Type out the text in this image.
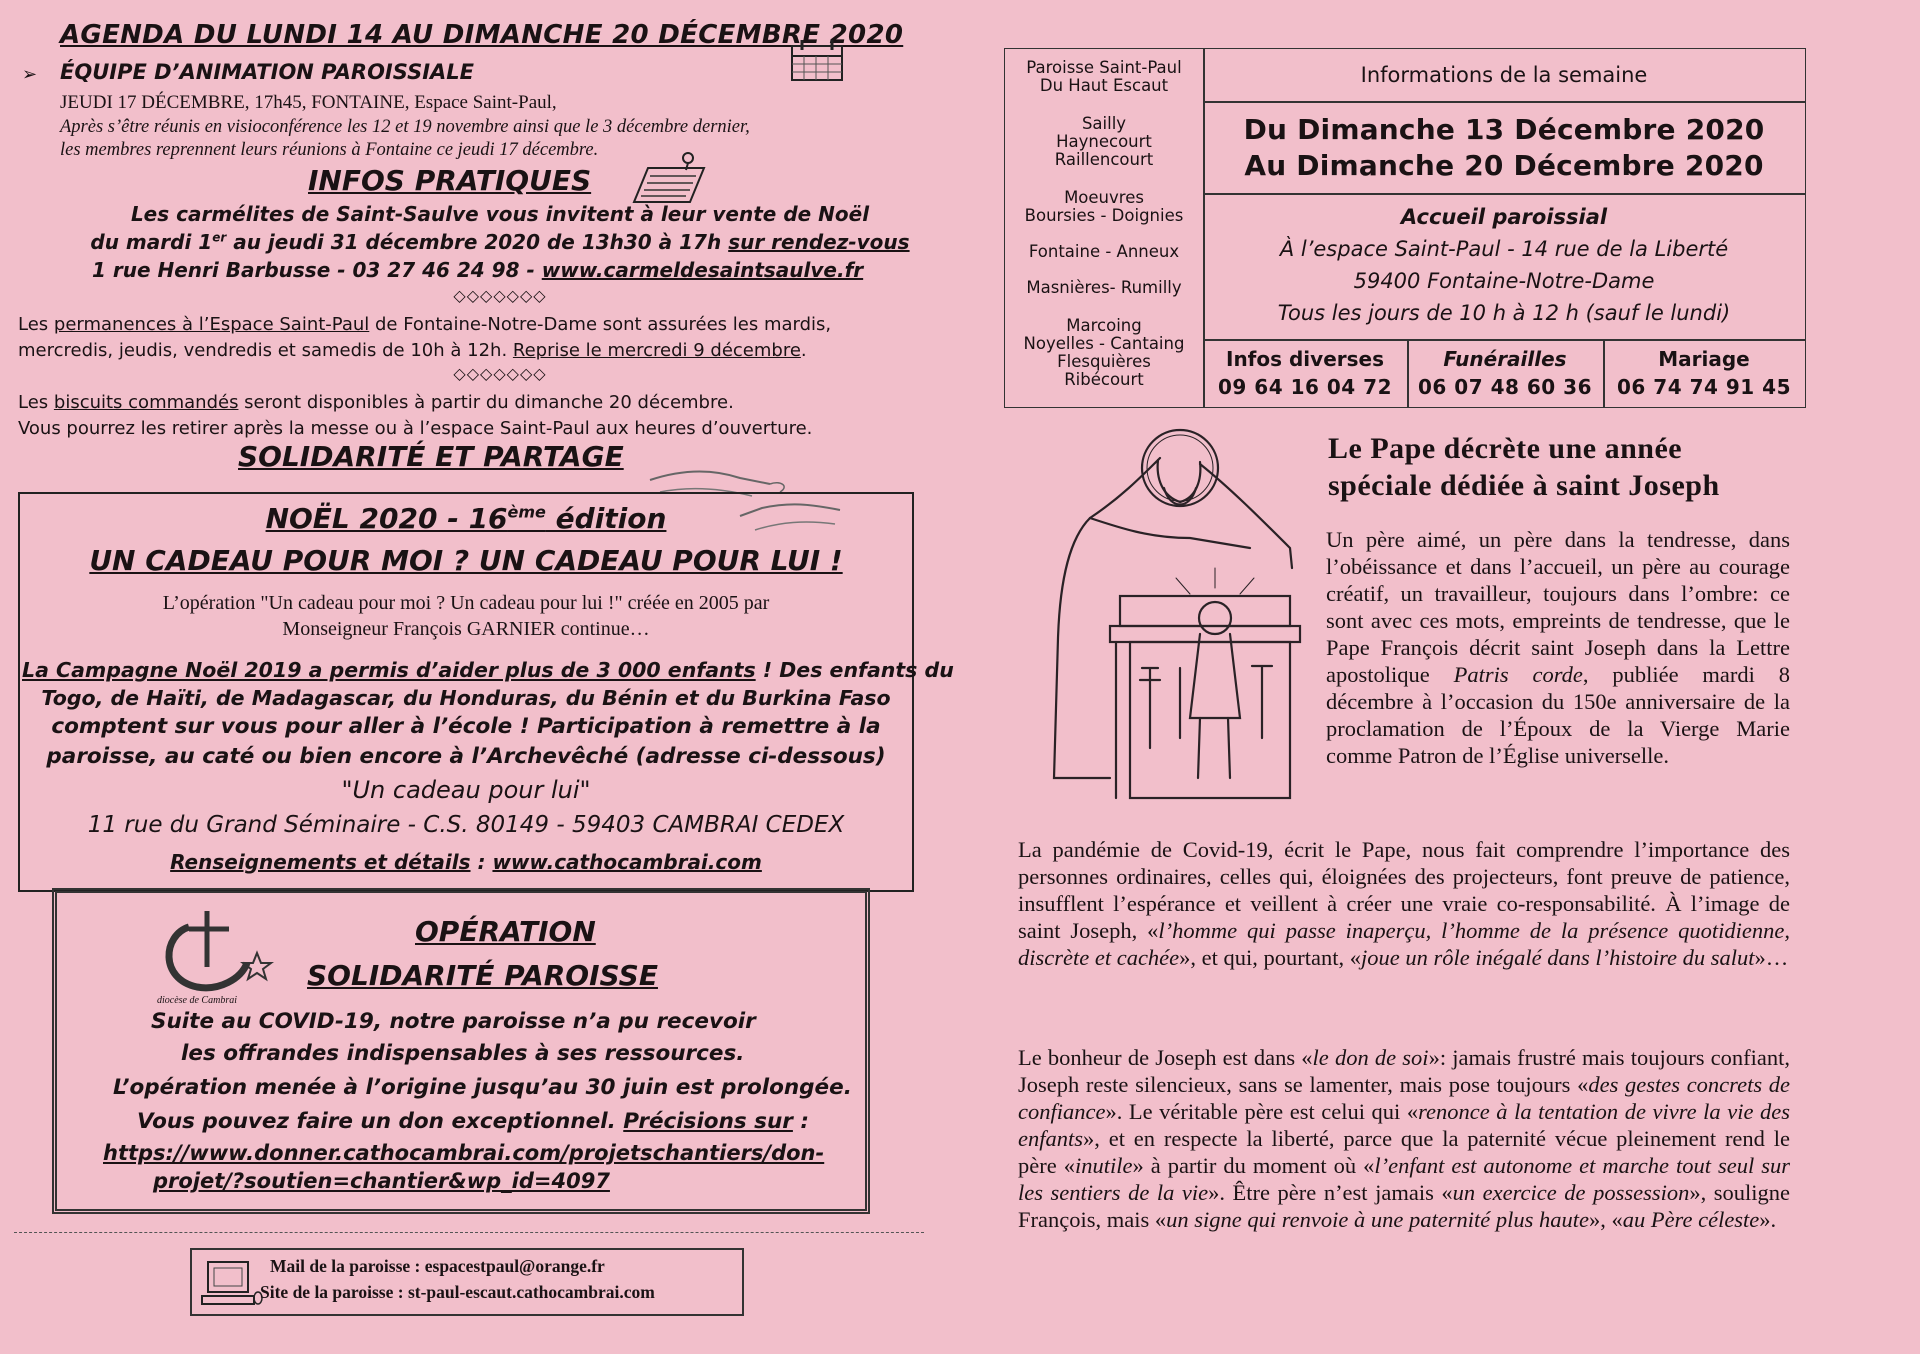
AGENDA DU LUNDI 14 AU DIMANCHE 20 DÉCEMBRE 2020
➢ ÉQUIPE D’ANIMATION PAROISSIALE
JEUDI 17 DÉCEMBRE, 17h45, FONTAINE, Espace Saint-Paul,
Après s’être réunis en visioconférence les 12 et 19 novembre ainsi que le 3 décembre dernier,
les membres reprennent leurs réunions à Fontaine ce jeudi 17 décembre.
INFOS PRATIQUES
Les carmélites de Saint-Saulve vous invitent à leur vente de Noël
du mardi 1er au jeudi 31 décembre 2020 de 13h30 à 17h sur rendez-vous
1 rue Henri Barbusse - 03 27 46 24 98 - www.carmeldesaintsaulve.fr
◇◇◇◇◇◇◇
Les permanences à l’Espace Saint-Paul de Fontaine-Notre-Dame sont assurées les mardis,
mercredis, jeudis, vendredis et samedis de 10h à 12h. Reprise le mercredi 9 décembre.
◇◇◇◇◇◇◇
Les biscuits commandés seront disponibles à partir du dimanche 20 décembre.
Vous pourrez les retirer après la messe ou à l’espace Saint-Paul aux heures d’ouverture.
SOLIDARITÉ ET PARTAGE
NOËL 2020 - 16ème édition
UN CADEAU POUR MOI ? UN CADEAU POUR LUI !
L’opération "Un cadeau pour moi ? Un cadeau pour lui !" créée en 2005 par
Monseigneur François GARNIER continue…
La Campagne Noël 2019 a permis d’aider plus de 3 000 enfants ! Des enfants du
Togo, de Haïti, de Madagascar, du Honduras, du Bénin et du Burkina Faso
comptent sur vous pour aller à l’école ! Participation à remettre à la
paroisse, au caté ou bien encore à l’Archevêché (adresse ci-dessous)
"Un cadeau pour lui"
11 rue du Grand Séminaire - C.S. 80149 - 59403 CAMBRAI CEDEX
Renseignements et détails : www.cathocambrai.com
diocèse de Cambrai
OPÉRATION
SOLIDARITÉ PAROISSE
Suite au COVID-19, notre paroisse n’a pu recevoir
les offrandes indispensables à ses ressources.
L’opération menée à l’origine jusqu’au 30 juin est prolongée.
Vous pouvez faire un don exceptionnel. Précisions sur :
https://www.donner.cathocambrai.com/projetschantiers/don-
projet/?soutien=chantier&wp_id=4097
Mail de la paroisse : espacestpaul@orange.fr
Site de la paroisse : st-paul-escaut.cathocambrai.com
Paroisse Saint-Paul
Du Haut Escaut
Sailly
Haynecourt
Raillencourt
Moeuvres
Boursies - Doignies
Fontaine - Anneux
Masnières- Rumilly
Marcoing
Noyelles - Cantaing
Flesquières
Ribécourt
Informations de la semaine
Du Dimanche 13 Décembre 2020
Au Dimanche 20 Décembre 2020
Accueil paroissial
À l’espace Saint-Paul - 14 rue de la Liberté
59400 Fontaine-Notre-Dame
Tous les jours de 10 h à 12 h (sauf le lundi)
Infos diverses
09 64 16 04 72
Funérailles
06 07 48 60 36
Mariage
06 74 74 91 45
Le Pape décrète une année
spéciale dédiée à saint Joseph

Un père aimé, un père dans la tendresse, dans l’obéissance et dans l’accueil, un père au courage créatif, un travailleur, toujours dans l’ombre: ce sont avec ces mots, empreints de tendresse, que le Pape François décrit saint Joseph dans la Lettre apostolique Patris corde, publiée mardi 8 décembre à l’occasion du 150e anniversaire de la proclamation de l’Époux de la Vierge Marie comme Patron de l’Église universelle.

La pandémie de Covid-19, écrit le Pape, nous fait comprendre l’importance des personnes ordinaires, celles qui, éloignées des projecteurs, font preuve de patience, insufflent l’espérance et veillent à créer une vraie co-responsabilité. À l’image de saint Joseph, «l’homme qui passe inaperçu, l’homme de la présence quotidienne, discrète et cachée», et qui, pourtant, «joue un rôle inégalé dans l’histoire du salut»…

Le bonheur de Joseph est dans «le don de soi»: jamais frustré mais toujours confiant, Joseph reste silencieux, sans se lamenter, mais pose toujours «des gestes concrets de confiance». Le véritable père est celui qui «renonce à la tentation de vivre la vie des enfants», et en respecte la liberté, parce que la paternité vécue pleinement rend le père «inutile» à partir du moment où «l’enfant est autonome et marche tout seul sur les sentiers de la vie». Être père n’est jamais «un exercice de possession», souligne François, mais «un signe qui renvoie à une paternité plus haute», «au Père céleste».
